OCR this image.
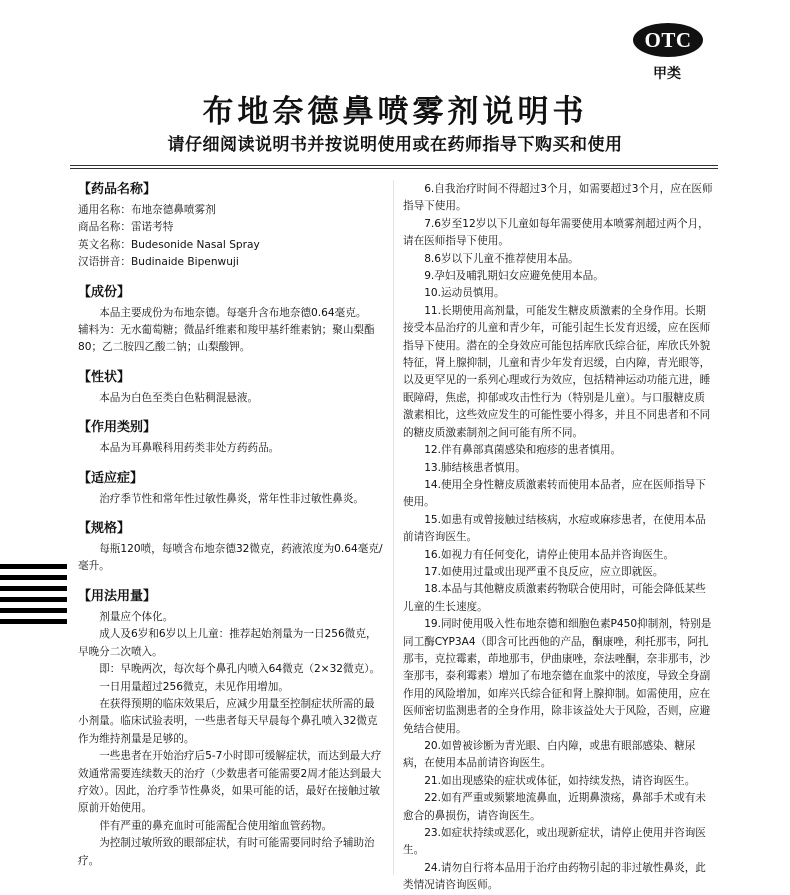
OTC
甲类
布地奈德鼻喷雾剂说明书
请仔细阅读说明书并按说明使用或在药师指导下购买和使用
【药品名称】

通用名称：布地奈德鼻喷雾剂

商品名称：雷诺考特

英文名称：Budesonide Nasal Spray

汉语拼音：Budinaide Bipenwuji

【成份】

本品主要成份为布地奈德。每毫升含布地奈德0.64毫克。

辅料为：无水葡萄糖；微晶纤维素和羧甲基纤维素钠；聚山梨酯80；乙二胺四乙酸二钠；山梨酸钾。

【性状】

本品为白色至类白色粘稠混悬液。

【作用类别】

本品为耳鼻喉科用药类非处方药药品。

【适应症】

治疗季节性和常年性过敏性鼻炎，常年性非过敏性鼻炎。

【规格】

每瓶120喷，每喷含布地奈德32微克，药液浓度为0.64毫克/毫升。

【用法用量】

剂量应个体化。

成人及6岁和6岁以上儿童：推荐起始剂量为一日256微克，早晚分二次喷入。

即：早晚两次，每次每个鼻孔内喷入64微克（2×32微克）。

一日用量超过256微克，未见作用增加。

在获得预期的临床效果后，应减少用量至控制症状所需的最小剂量。临床试验表明，一些患者每天早晨每个鼻孔喷入32微克作为维持剂量是足够的。

一些患者在开始治疗后5-7小时即可缓解症状，而达到最大疗效通常需要连续数天的治疗（少数患者可能需要2周才能达到最大疗效）。因此，治疗季节性鼻炎，如果可能的话，最好在接触过敏原前开始使用。

伴有严重的鼻充血时可能需配合使用缩血管药物。

为控制过敏所致的眼部症状，有时可能需要同时给予辅助治疗。

6.自我治疗时间不得超过3个月，如需要超过3个月，应在医师指导下使用。

7.6岁至12岁以下儿童如每年需要使用本喷雾剂超过两个月，请在医师指导下使用。

8.6岁以下儿童不推荐使用本品。

9.孕妇及哺乳期妇女应避免使用本品。

10.运动员慎用。

11.长期使用高剂量，可能发生糖皮质激素的全身作用。长期接受本品治疗的儿童和青少年，可能引起生长发育迟缓，应在医师指导下使用。潜在的全身效应可能包括库欣氏综合征，库欣氏外貌特征，肾上腺抑制，儿童和青少年发育迟缓，白内障，青光眼等，以及更罕见的一系列心理或行为效应，包括精神运动功能亢进，睡眠障碍，焦虑，抑郁或攻击性行为（特别是儿童）。与口服糖皮质激素相比，这些效应发生的可能性要小得多，并且不同患者和不同的糖皮质激素制剂之间可能有所不同。

12.伴有鼻部真菌感染和疱疹的患者慎用。

13.肺结核患者慎用。

14.使用全身性糖皮质激素转而使用本品者，应在医师指导下使用。

15.如患有或曾接触过结核病，水痘或麻疹患者，在使用本品前请咨询医生。

16.如视力有任何变化，请停止使用本品并咨询医生。

17.如使用过量或出现严重不良反应，应立即就医。

18.本品与其他糖皮质激素药物联合使用时，可能会降低某些儿童的生长速度。

19.同时使用吸入性布地奈德和细胞色素P450抑制剂，特别是同工酶CYP3A4（即含可比西他的产品，酮康唑，利托那韦，阿扎那韦，克拉霉素，茚地那韦，伊曲康唑，奈法唑酮，奈非那韦，沙奎那韦，泰利霉素）增加了布地奈德在血浆中的浓度，导致全身副作用的风险增加，如库兴氏综合征和肾上腺抑制。如需使用，应在医师密切监测患者的全身作用，除非该益处大于风险，否则，应避免结合使用。

20.如曾被诊断为青光眼、白内障，或患有眼部感染、糖尿病，在使用本品前请咨询医生。

21.如出现感染的症状或体征，如持续发热，请咨询医生。

22.如有严重或频繁地流鼻血，近期鼻溃疡，鼻部手术或有未愈合的鼻损伤，请咨询医生。

23.如症状持续或恶化，或出现新症状，请停止使用并咨询医生。

24.请勿自行将本品用于治疗由药物引起的非过敏性鼻炎，此类情况请咨询医师。
